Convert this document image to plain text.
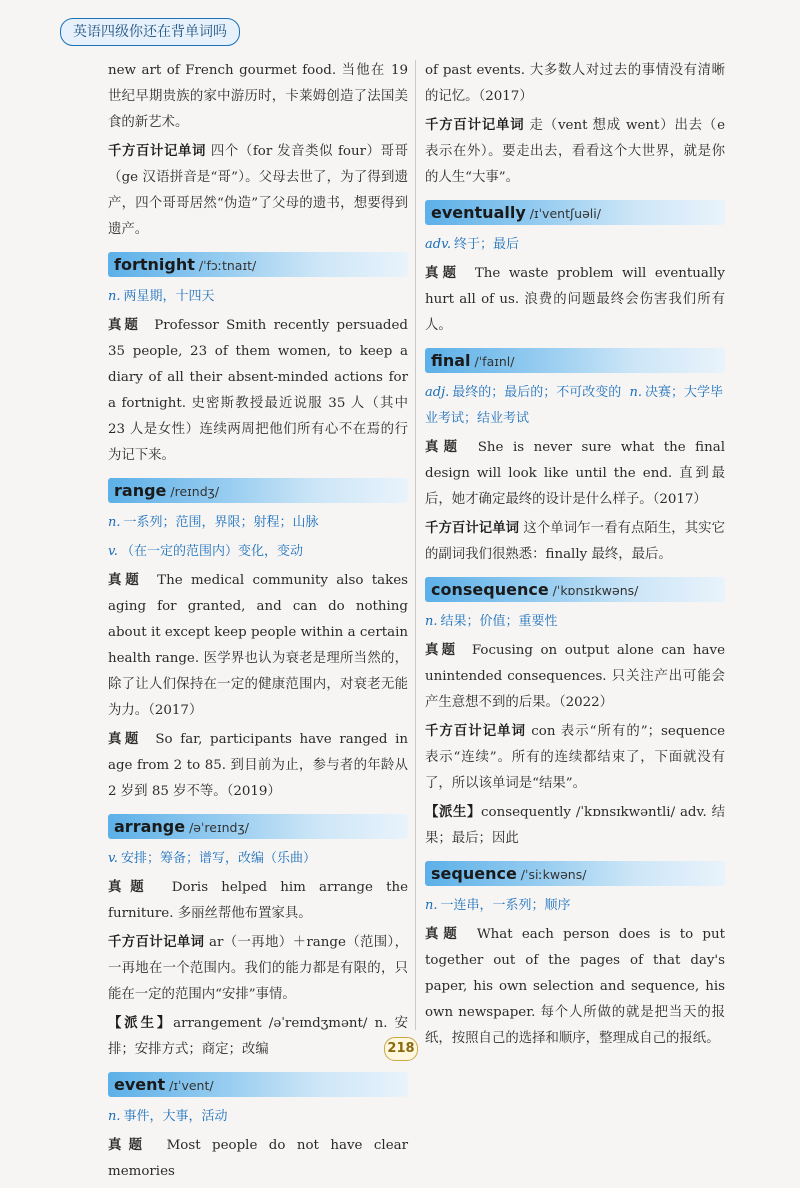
英语四级你还在背单词吗

new art of French gourmet food. 当他在 19 世纪早期贵族的家中游历时，卡莱姆创造了法国美食的新艺术。

千方百计记单词 四个（for 发音类似 four）哥哥（ge 汉语拼音是“哥”）。父母去世了，为了得到遗产，四个哥哥居然“伪造”了父母的遗书，想要得到遗产。

fortnight /ˈfɔːtnaɪt/

n. 两星期，十四天

真题 Professor Smith recently persuaded 35 people, 23 of them women, to keep a diary of all their absent-minded actions for a fortnight. 史密斯教授最近说服 35 人（其中 23 人是女性）连续两周把他们所有心不在焉的行为记下来。

range /reɪndʒ/

n. 一系列；范围，界限；射程；山脉

v. （在一定的范围内）变化，变动

真题 The medical community also takes aging for granted, and can do nothing about it except keep people within a certain health range. 医学界也认为衰老是理所当然的，除了让人们保持在一定的健康范围内，对衰老无能为力。（2017）

真题 So far, participants have ranged in age from 2 to 85. 到目前为止，参与者的年龄从 2 岁到 85 岁不等。（2019）

arrange /əˈreɪndʒ/

v. 安排；筹备；谱写，改编（乐曲）

真题 Doris helped him arrange the furniture. 多丽丝帮他布置家具。

千方百计记单词 ar（一再地）＋range（范围），一再地在一个范围内。我们的能力都是有限的，只能在一定的范围内“安排”事情。

【派生】arrangement /əˈreɪndʒmənt/ n. 安排；安排方式；商定；改编

event /ɪˈvent/

n. 事件，大事，活动

真题 Most people do not have clear memories

of past events. 大多数人对过去的事情没有清晰的记忆。（2017）

千方百计记单词 走（vent 想成 went）出去（e 表示在外）。要走出去，看看这个大世界，就是你的人生“大事”。

eventually /ɪˈventʃuəli/

adv. 终于；最后

真题 The waste problem will eventually hurt all of us. 浪费的问题最终会伤害我们所有人。

final /ˈfaɪnl/

adj. 最终的；最后的；不可改变的 n. 决赛；大学毕业考试；结业考试

真题 She is never sure what the final design will look like until the end. 直到最后，她才确定最终的设计是什么样子。（2017）

千方百计记单词 这个单词乍一看有点陌生，其实它的副词我们很熟悉：finally 最终，最后。

consequence /ˈkɒnsɪkwəns/

n. 结果；价值；重要性

真题 Focusing on output alone can have unintended consequences. 只关注产出可能会产生意想不到的后果。（2022）

千方百计记单词 con 表示“所有的”；sequence 表示“连续”。所有的连续都结束了，下面就没有了，所以该单词是“结果”。

【派生】consequently /ˈkɒnsɪkwəntli/ adv. 结果；最后；因此

sequence /ˈsiːkwəns/

n. 一连串，一系列；顺序

真题 What each person does is to put together out of the pages of that day's paper, his own selection and sequence, his own newspaper. 每个人所做的就是把当天的报纸，按照自己的选择和顺序，整理成自己的报纸。

218
